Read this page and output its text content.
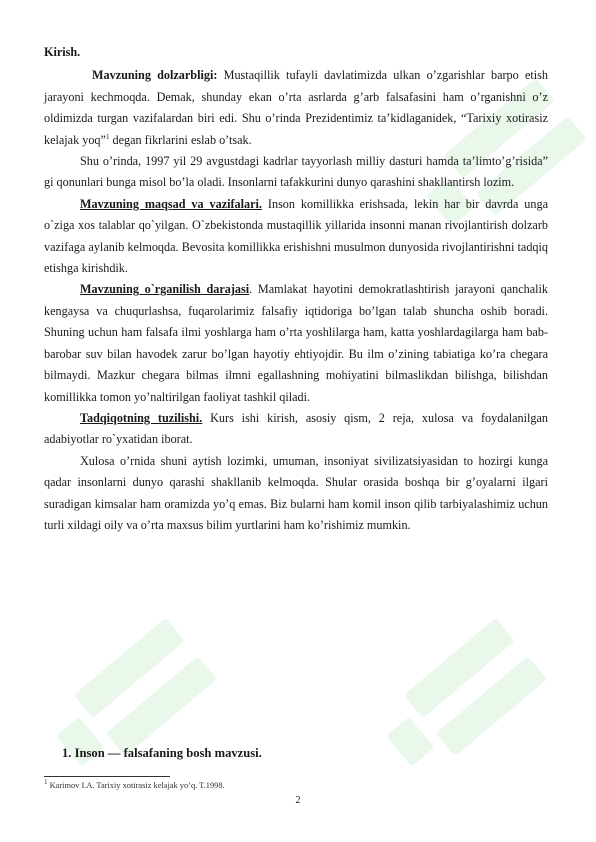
Kirish.

Mavzuning dolzarbligi: Mustaqillik tufayli davlatimizda ulkan o’zgarishlar barpo etish jarayoni kechmoqda. Demak, shunday ekan o’rta asrlarda g’arb falsafasini ham o’rganishni o’z oldimizda turgan vazifalardan biri edi. Shu o’rinda Prezidentimiz ta’kidlaganidek, “Tarixiy xotirasiz kelajak yoq”$^1$ degan fikrlarini eslab o’tsak.

Shu o’rinda, 1997 yil 29 avgustdagi kadrlar tayyorlash milliy dasturi hamda ta’limto’g’risida” gi qonunlari bunga misol bo’la oladi. Insonlarni tafakkurini dunyo qarashini shakllantirsh lozim.

Mavzuning maqsad va vazifalari. Inson komillikka erishsada, lekin har bir davrda unga o`ziga xos talablar qo`yilgan. O`zbekistonda mustaqillik yillarida insonni manan rivojlantirish dolzarb vazifaga aylanib kelmoqda. Bevosita komillikka erishishni musulmon dunyosida rivojlantirishni tadqiq etishga kirishdik.

Mavzuning o`rganilish darajasi. Mamlakat hayotini demokratlashtirish jarayoni qanchalik kengaysa va chuqurlashsa, fuqarolarimiz falsafiy iqtidoriga bo’lgan talab shuncha oshib boradi. Shuning uchun ham falsafa ilmi yoshlarga ham o’rta yoshlilarga ham, katta yoshlardagilarga ham bab-barobar suv bilan havodek zarur bo’lgan hayotiy ehtiyojdir. Bu ilm o’zining tabiatiga ko’ra chegara bilmaydi. Mazkur chegara bilmas ilmni egallashning mohiyatini bilmaslikdan bilishga, bilishdan komillikka tomon yo’naltirilgan faoliyat tashkil qiladi.

Tadqiqotning tuzilishi. Kurs ishi kirish, asosiy qism, 2 reja, xulosa va foydalanilgan adabiyotlar ro`yxatidan iborat.

Xulosa o’rnida shuni aytish lozimki, umuman, insoniyat sivilizatsiyasidan to hozirgi kunga qadar insonlarni dunyo qarashi shakllanib kelmoqda. Shular orasida boshqa bir g’oyalarni ilgari suradigan kimsalar ham oramizda yo’q emas. Biz bularni ham komil inson qilib tarbiyalashimiz uchun turli xildagi oily va o’rta maxsus bilim yurtlarini ham ko’rishimiz mumkin.

1. Inson — falsafaning bosh mavzusi.
$^1$ Karimov I.A. Tarixiy xotirasiz kelajak yo’q. T.1998.
2
